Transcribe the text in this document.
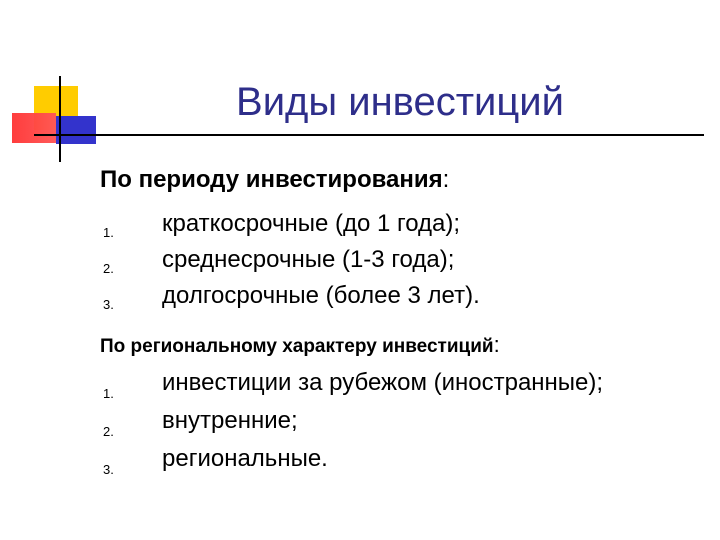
Виды инвестиций
По периоду инвестирования:
1. краткосрочные (до 1 года);
2. среднесрочные (1-3 года);
3. долгосрочные (более 3 лет).
По региональному характеру инвестиций:
1. инвестиции за рубежом (иностранные);
2. внутренние;
3. региональные.
